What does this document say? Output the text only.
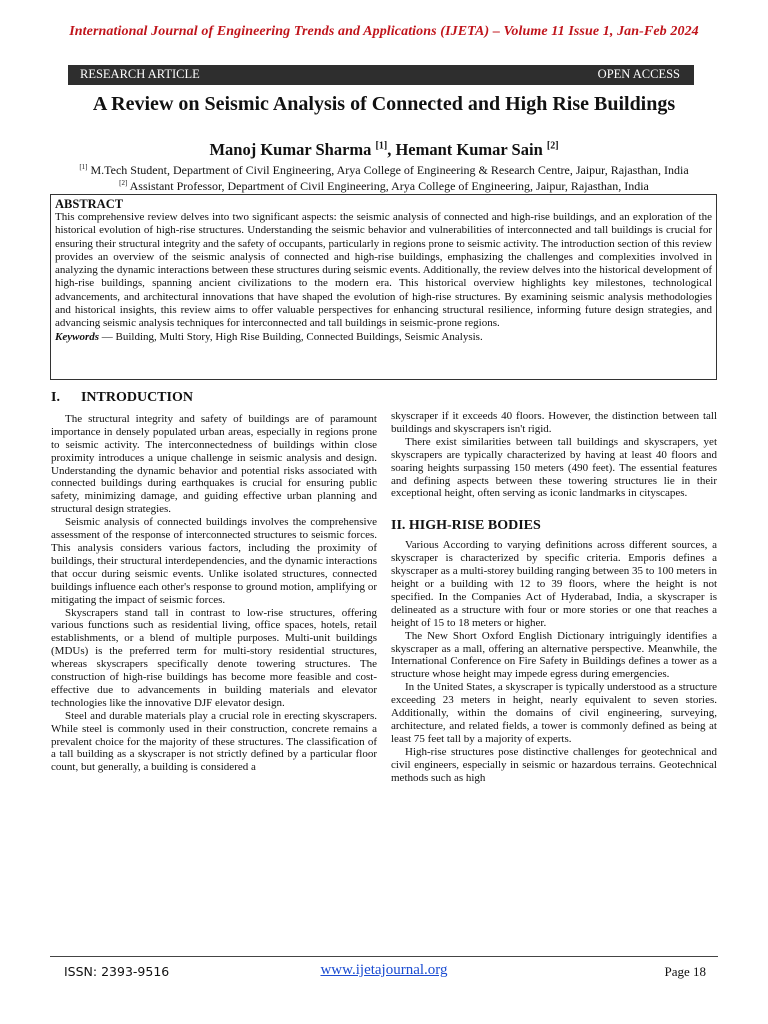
International Journal of Engineering Trends and Applications (IJETA) – Volume 11 Issue 1, Jan-Feb 2024
RESEARCH ARTICLE	OPEN ACCESS
A Review on Seismic Analysis of Connected and High Rise Buildings
Manoj Kumar Sharma [1], Hemant Kumar Sain [2]
[1] M.Tech Student, Department of Civil Engineering, Arya College of Engineering & Research Centre, Jaipur, Rajasthan, India
[2] Assistant Professor, Department of Civil Engineering, Arya College of Engineering, Jaipur, Rajasthan, India
ABSTRACT

This comprehensive review delves into two significant aspects: the seismic analysis of connected and high-rise buildings, and an exploration of the historical evolution of high-rise structures. Understanding the seismic behavior and vulnerabilities of interconnected and tall buildings is crucial for ensuring their structural integrity and the safety of occupants, particularly in regions prone to seismic activity. The introduction section of this review provides an overview of the seismic analysis of connected and high-rise buildings, emphasizing the challenges and complexities involved in analyzing the dynamic interactions between these structures during seismic events. Additionally, the review delves into the historical development of high-rise buildings, spanning ancient civilizations to the modern era. This historical overview highlights key milestones, technological advancements, and architectural innovations that have shaped the evolution of high-rise structures. By examining seismic analysis methodologies and historical insights, this review aims to offer valuable perspectives for enhancing structural resilience, informing future design strategies, and advancing seismic analysis techniques for interconnected and tall buildings in seismic-prone regions.

Keywords — Building, Multi Story, High Rise Building, Connected Buildings, Seismic Analysis.
I.      INTRODUCTION

The structural integrity and safety of buildings are of paramount importance in densely populated urban areas, especially in regions prone to seismic activity. The interconnectedness of buildings within close proximity introduces a unique challenge in seismic analysis and design. Understanding the dynamic behavior and potential risks associated with connected buildings during earthquakes is crucial for ensuring public safety, minimizing damage, and guiding effective urban planning and structural design strategies.

Seismic analysis of connected buildings involves the comprehensive assessment of the response of interconnected structures to seismic forces. This analysis considers various factors, including the proximity of buildings, their structural interdependencies, and the dynamic interactions that occur during seismic events. Unlike isolated structures, connected buildings influence each other's response to ground motion, amplifying or mitigating the impact of seismic forces.

Skyscrapers stand tall in contrast to low-rise structures, offering various functions such as residential living, office spaces, hotels, retail establishments, or a blend of multiple purposes. Multi-unit buildings (MDUs) is the preferred term for multi-story residential structures, whereas skyscrapers specifically denote towering structures. The construction of high-rise buildings has become more feasible and cost-effective due to advancements in building materials and elevator technologies like the innovative DJF elevator design.

Steel and durable materials play a crucial role in erecting skyscrapers. While steel is commonly used in their construction, concrete remains a prevalent choice for the majority of these structures. The classification of a tall building as a skyscraper is not strictly defined by a particular floor count, but generally, a building is considered a

skyscraper if it exceeds 40 floors. However, the distinction between tall buildings and skyscrapers isn't rigid.

There exist similarities between tall buildings and skyscrapers, yet skyscrapers are typically characterized by having at least 40 floors and soaring heights surpassing 150 meters (490 feet). The essential features and defining aspects between these towering structures lie in their exceptional height, often serving as iconic landmarks in cityscapes.

II. HIGH-RISE BODIES

Various According to varying definitions across different sources, a skyscraper is characterized by specific criteria. Emporis defines a skyscraper as a multi-storey building ranging between 35 to 100 meters in height or a building with 12 to 39 floors, where the height is not specified. In the Companies Act of Hyderabad, India, a skyscraper is delineated as a structure with four or more stories or one that reaches a height of 15 to 18 meters or higher.

The New Short Oxford English Dictionary intriguingly identifies a skyscraper as a mall, offering an alternative perspective. Meanwhile, the International Conference on Fire Safety in Buildings defines a tower as a structure whose height may impede egress during emergencies.

In the United States, a skyscraper is typically understood as a structure exceeding 23 meters in height, nearly equivalent to seven stories. Additionally, within the domains of civil engineering, surveying, architecture, and related fields, a tower is commonly defined as being at least 75 feet tall by a majority of experts.

High-rise structures pose distinctive challenges for geotechnical and civil engineers, especially in seismic or hazardous terrains. Geotechnical methods such as high

ISSN: 2393-9516	www.ijetajournal.org	Page 18
